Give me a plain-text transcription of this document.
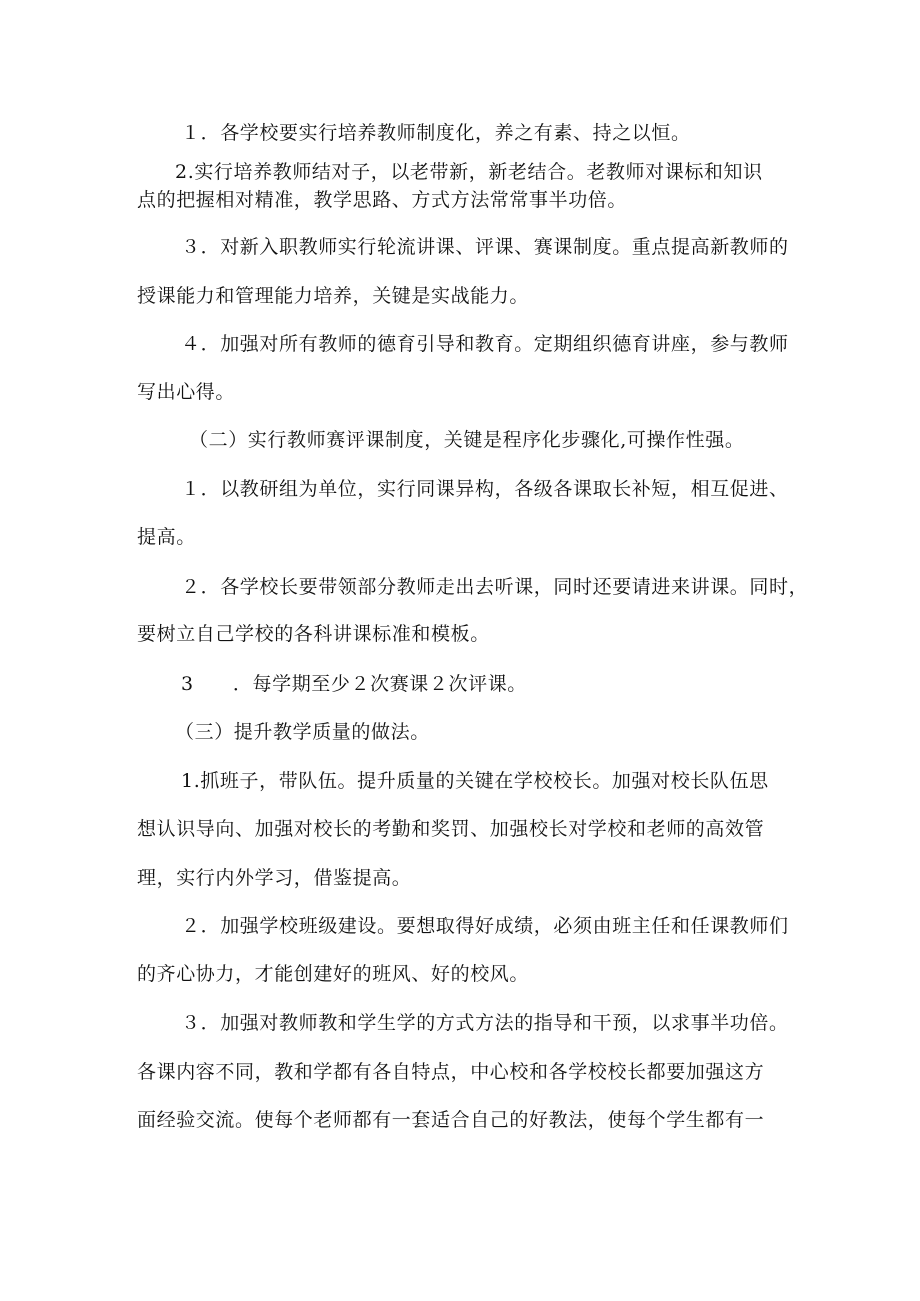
１．各学校要实行培养教师制度化，养之有素、持之以恒。
2.实行培养教师结对子，以老带新，新老结合。老教师对课标和知识
点的把握相对精准，教学思路、方式方法常常事半功倍。
３．对新入职教师实行轮流讲课、评课、赛课制度。重点提高新教师的
授课能力和管理能力培养，关键是实战能力。
４．加强对所有教师的德育引导和教育。定期组织德育讲座，参与教师
写出心得。
（二）实行教师赛评课制度，关键是程序化步骤化,可操作性强。
１．以教研组为单位，实行同课异构，各级各课取长补短，相互促进、
提高。
２．各学校长要带领部分教师走出去听课，同时还要请进来讲课。同时，
要树立自己学校的各科讲课标准和模板。
3　　．每学期至少２次赛课２次评课。
（三）提升教学质量的做法。
1.抓班子，带队伍。提升质量的关键在学校校长。加强对校长队伍思
想认识导向、加强对校长的考勤和奖罚、加强校长对学校和老师的高效管
理，实行内外学习，借鉴提高。
２．加强学校班级建设。要想取得好成绩，必须由班主任和任课教师们
的齐心协力，才能创建好的班风、好的校风。
３．加强对教师教和学生学的方式方法的指导和干预，以求事半功倍。
各课内容不同，教和学都有各自特点，中心校和各学校校长都要加强这方
面经验交流。使每个老师都有一套适合自己的好教法，使每个学生都有一
